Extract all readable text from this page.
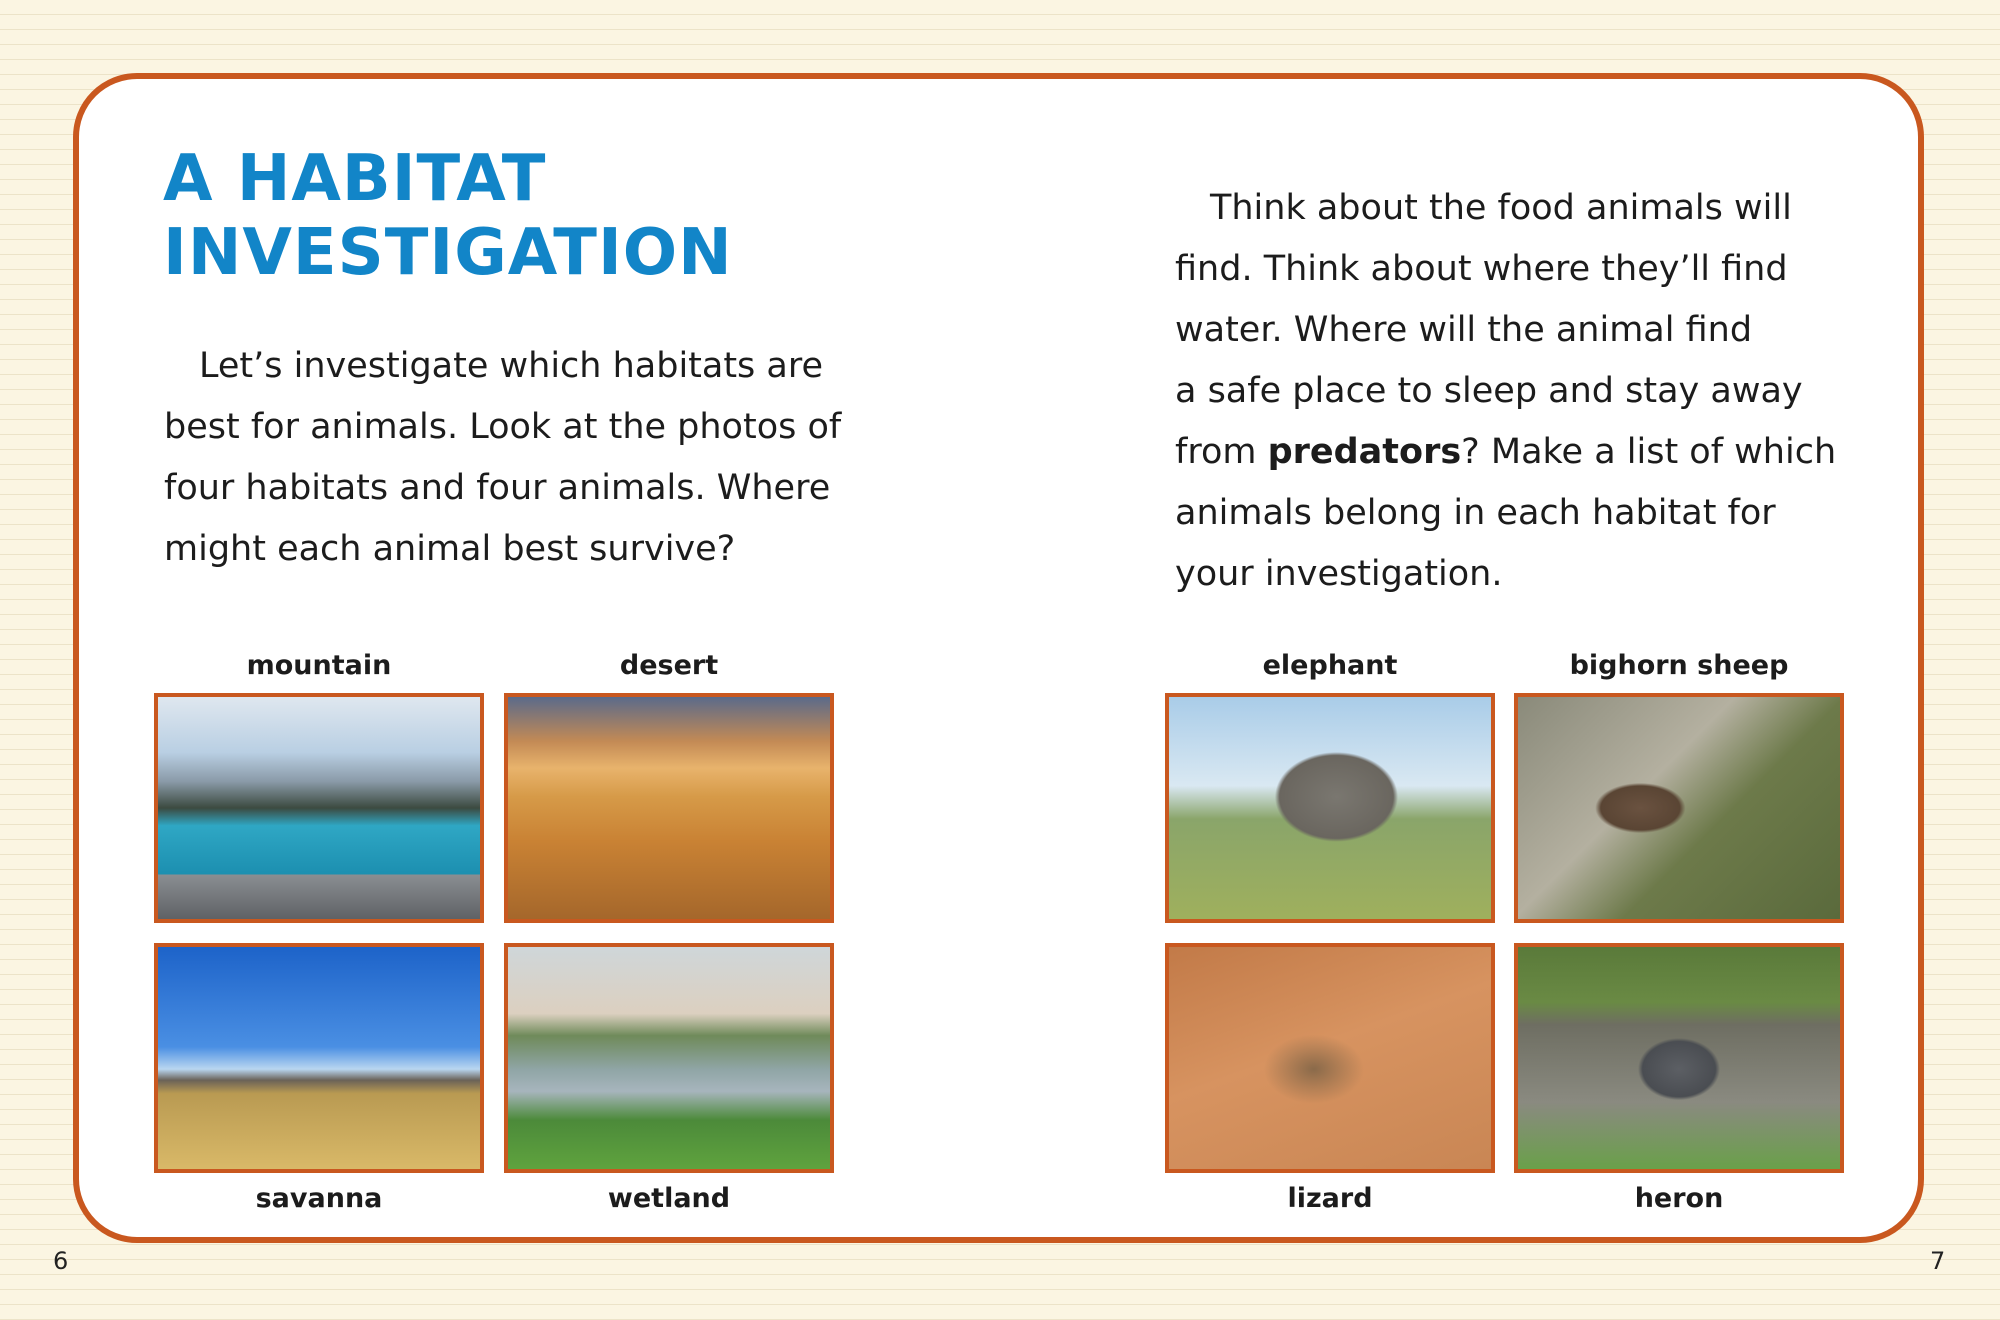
A HABITAT
INVESTIGATION

 Let’s investigate which habitats are
best for animals. Look at the photos of
four habitats and four animals. Where
might each animal best survive?

 Think about the food animals will
find. Think about where they’ll find
water. Where will the animal find
a safe place to sleep and stay away
from predators? Make a list of which
animals belong in each habitat for
your investigation.

mountain	desert
savanna	wetland
elephant	bighorn sheep
lizard	heron
6	7
